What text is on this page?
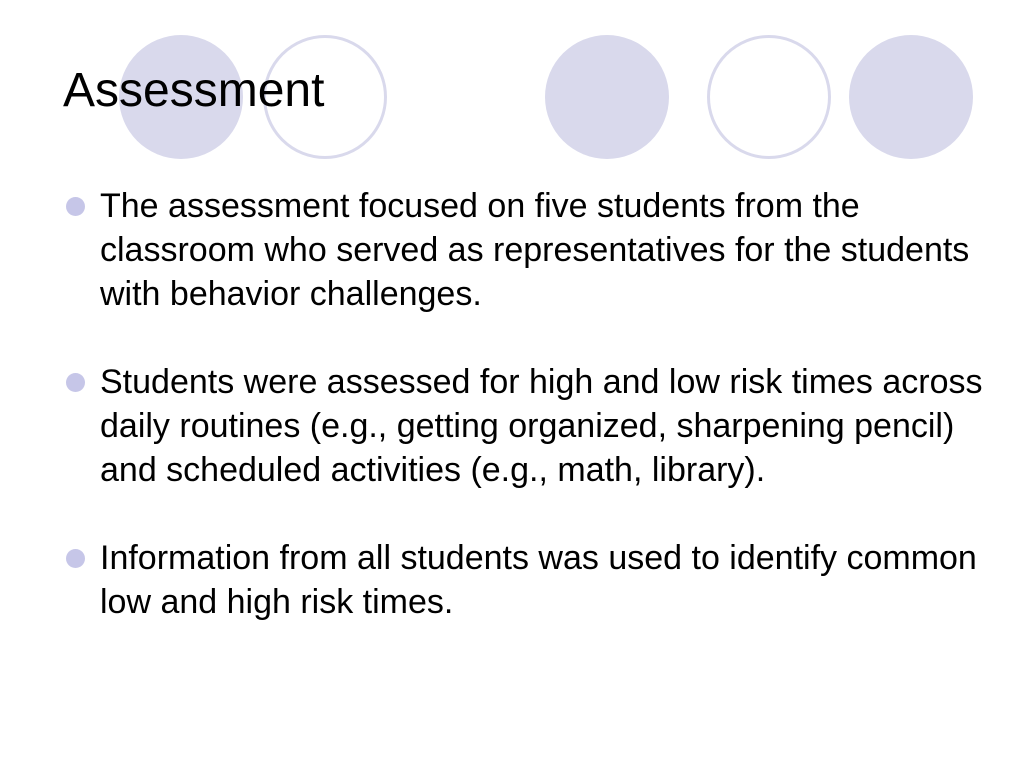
Assessment
The assessment focused on five students from the classroom who served as representatives for the students with behavior challenges.
Students were assessed for high and low risk times across daily routines (e.g., getting organized, sharpening pencil) and scheduled activities (e.g., math, library).
Information from all students was used to identify common low and high risk times.
